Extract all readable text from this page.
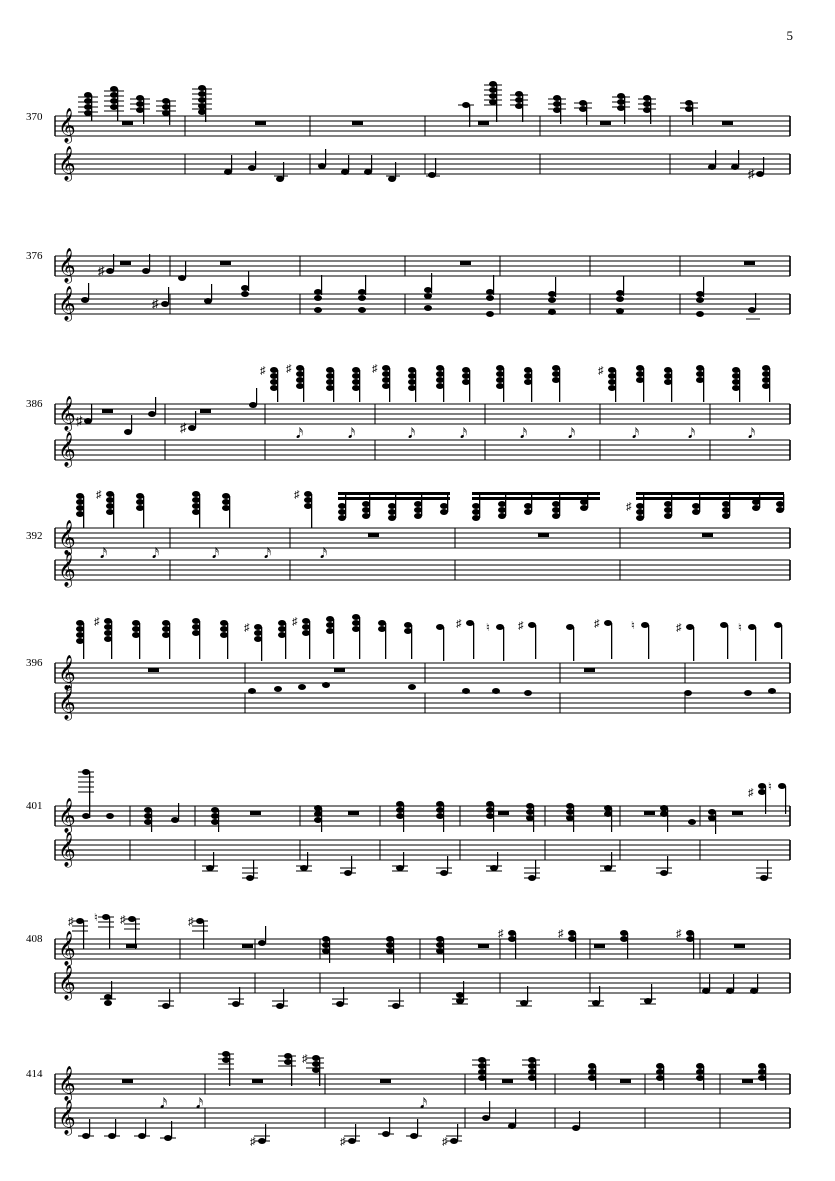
5
370 𝄞
𝄞	♯
376 𝄞
𝄞
♯
♯
386 𝄞
𝄞
♯	♯
♯ ♯	♯	♯
𝅘𝅥𝅯	𝅘𝅥𝅯	𝅘𝅥𝅯	𝅘𝅥𝅯	𝅘𝅥𝅯	𝅘𝅥𝅯	𝅘𝅥𝅯	𝅘𝅥𝅯	𝅘𝅥𝅯
392 𝄞
𝄞
♯	♯
♯
𝅘𝅥𝅯	𝅘𝅥𝅯	𝅘𝅥𝅯	𝅘𝅥𝅯	𝅘𝅥𝅯
396 𝄞
𝄞
♯	♯	♯	♯ ♮	♯	♯	♮	♯	♮
401 𝄞
𝄞
♯ ♮
408 𝄞
𝄞
♯ ♮ ♯	♯
♯	♯	♯
414 𝄞
𝄞
♯
𝅘𝅥𝅯 𝅘𝅥𝅯	𝅘𝅥𝅯
♯	♯	♯
